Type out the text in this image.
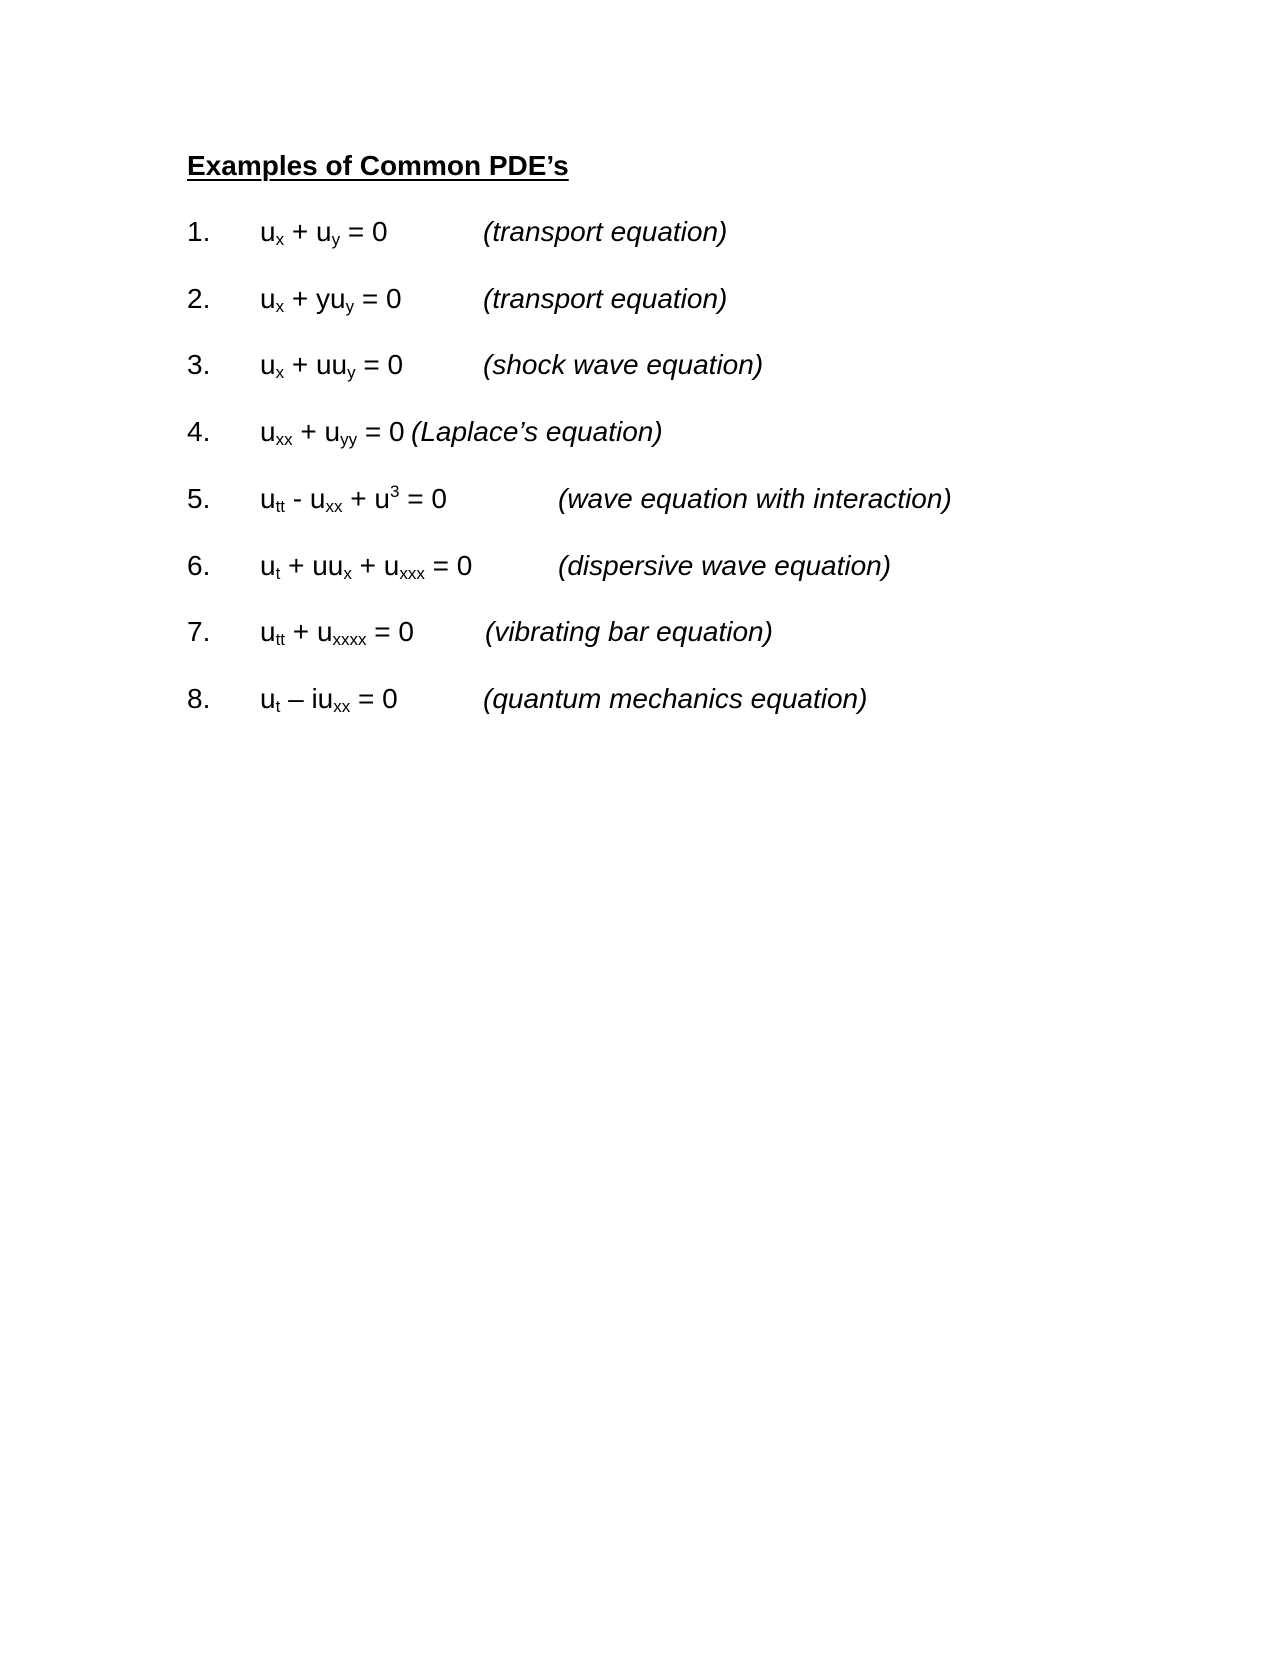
Examples of Common PDE’s
1. $u_x + u_y = 0$	(transport equation)
2. $u_x + yu_y = 0$	(transport equation)
3. $u_x + uu_y = 0$	(shock wave equation)
4. $u_{xx} + u_{yy} = 0$ (Laplace’s equation)
5. $u_{tt} - u_{xx} + u^3 = 0$	(wave equation with interaction)
6. $u_t + uu_x + u_{xxx} = 0$	(dispersive wave equation)
7. $u_{tt} + u_{xxxx} = 0$	(vibrating bar equation)
8. $u_t - iu_{xx} = 0$	(quantum mechanics equation)
